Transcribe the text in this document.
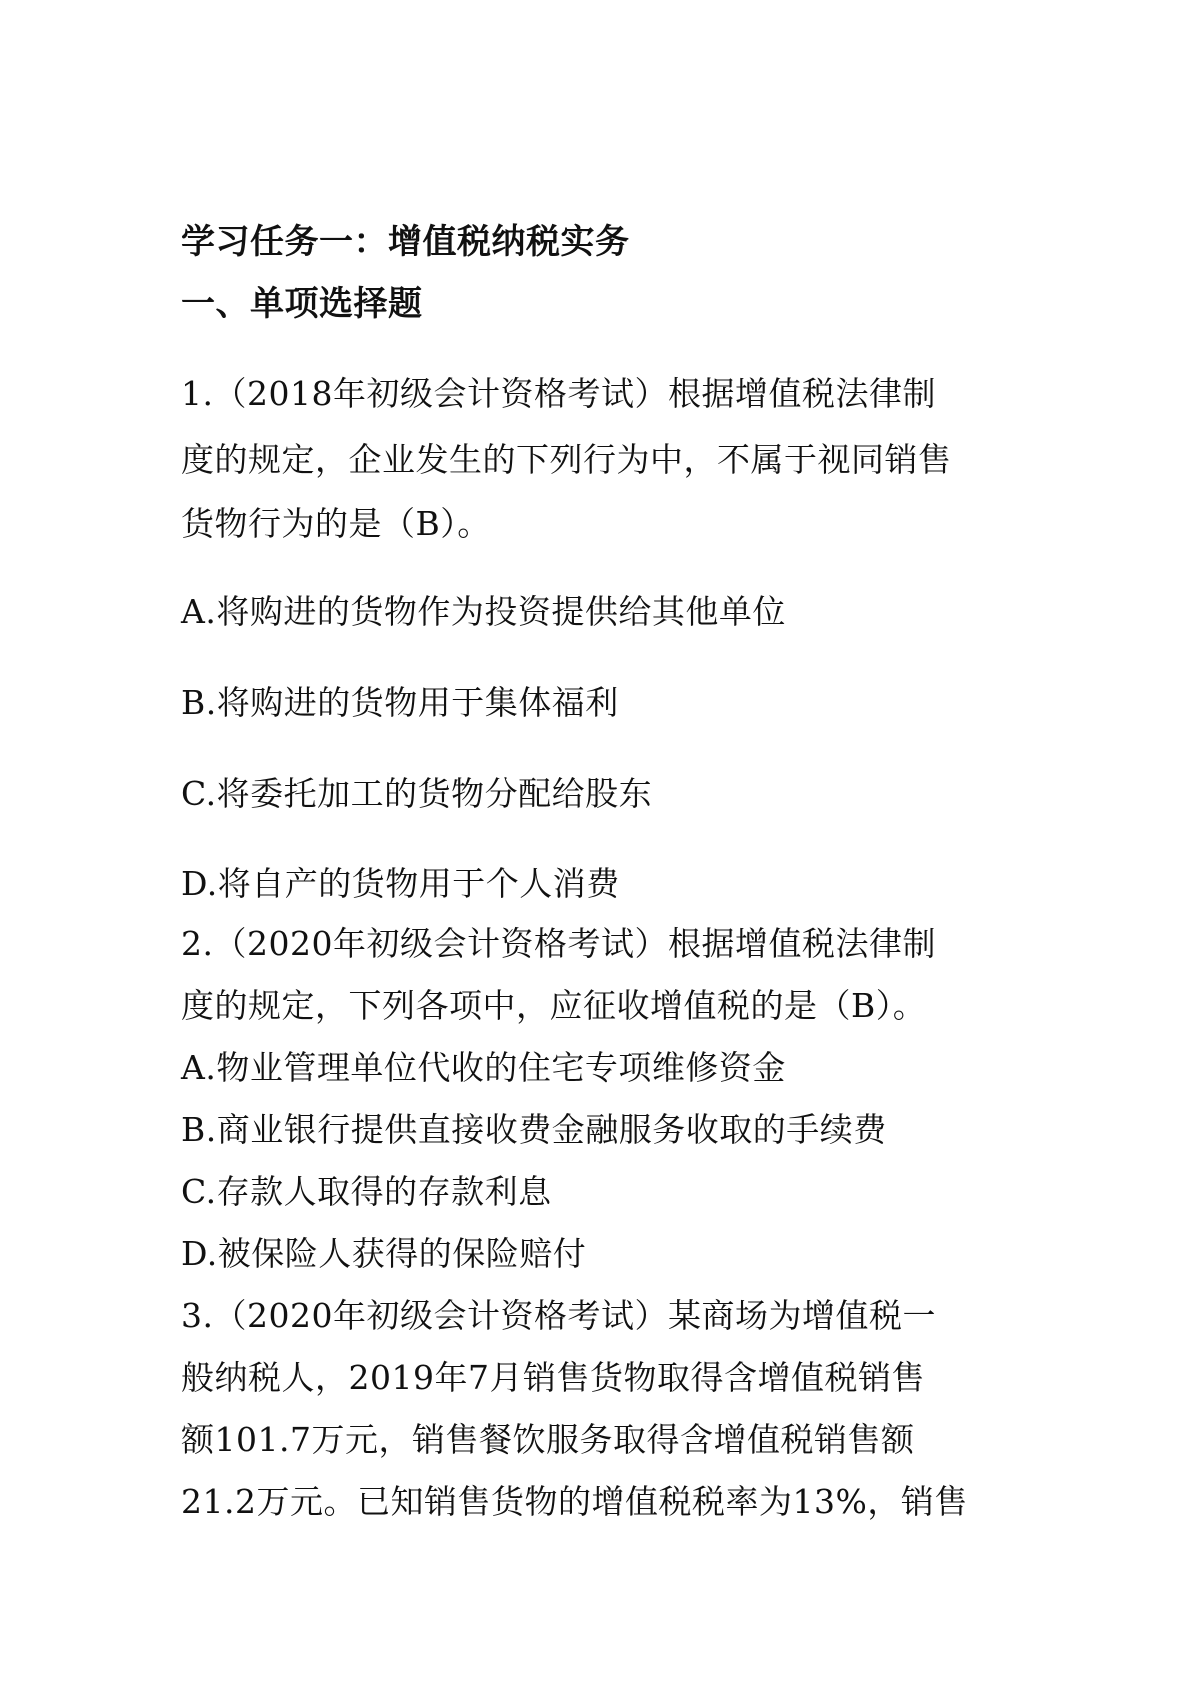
学习任务一：增值税纳税实务
一、单项选择题
1.（2018年初级会计资格考试）根据增值税法律制
度的规定，企业发生的下列行为中，不属于视同销售
货物行为的是（B）。
A.将购进的货物作为投资提供给其他单位
B.将购进的货物用于集体福利
C.将委托加工的货物分配给股东
D.将自产的货物用于个人消费
2.（2020年初级会计资格考试）根据增值税法律制
度的规定，下列各项中，应征收增值税的是（B）。
A.物业管理单位代收的住宅专项维修资金
B.商业银行提供直接收费金融服务收取的手续费
C.存款人取得的存款利息
D.被保险人获得的保险赔付
3.（2020年初级会计资格考试）某商场为增值税一
般纳税人，2019年7月销售货物取得含增值税销售
额101.7万元，销售餐饮服务取得含增值税销售额
21.2万元。已知销售货物的增值税税率为13%，销售
